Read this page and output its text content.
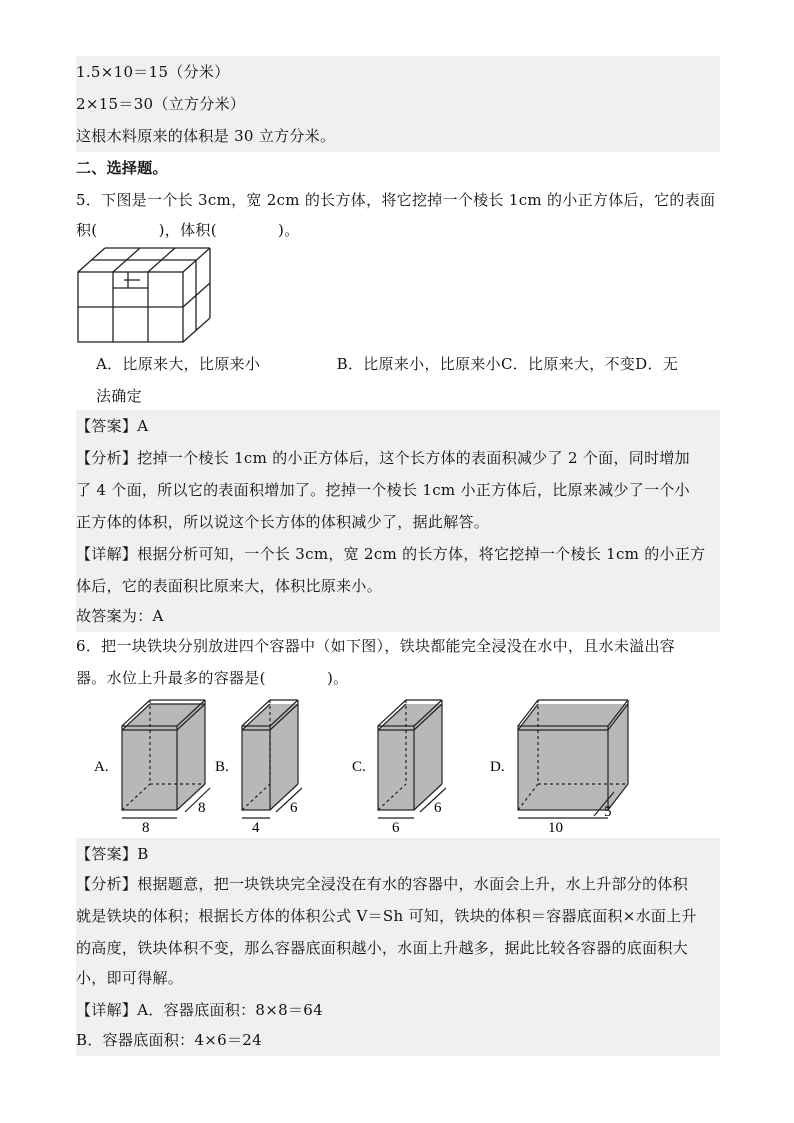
1.5×10＝15（分米）
2×15＝30（立方分米）
这根木料原来的体积是 30 立方分米。
二、选择题。
5．下图是一个长 3cm，宽 2cm 的长方体，将它挖掉一个棱长 1cm 的小正方体后，它的表面
积(　　　　)，体积(　　　　)。
A．比原来大，比原来小　　　　　B．比原来小，比原来小C．比原来大，不变D．无
法确定
【答案】A
【分析】挖掉一个棱长 1cm 的小正方体后，这个长方体的表面积减少了 2 个面，同时增加
了 4 个面，所以它的表面积增加了。挖掉一个棱长 1cm 小正方体后，比原来减少了一个小
正方体的体积，所以说这个长方体的体积减少了，据此解答。
【详解】根据分析可知，一个长 3cm，宽 2cm 的长方体，将它挖掉一个棱长 1cm 的小正方
体后，它的表面积比原来大，体积比原来小。
故答案为：A
6．把一块铁块分别放进四个容器中（如下图），铁块都能完全浸没在水中，且水未溢出容
器。水位上升最多的容器是(　　　　)。
A.
8
8
B.
4
6
C.
6
6
D.
10
5
【答案】B
【分析】根据题意，把一块铁块完全浸没在有水的容器中，水面会上升，水上升部分的体积
就是铁块的体积；根据长方体的体积公式 V＝Sh 可知，铁块的体积＝容器底面积×水面上升
的高度，铁块体积不变，那么容器底面积越小，水面上升越多，据此比较各容器的底面积大
小，即可得解。
【详解】A．容器底面积：8×8＝64
B．容器底面积：4×6＝24
